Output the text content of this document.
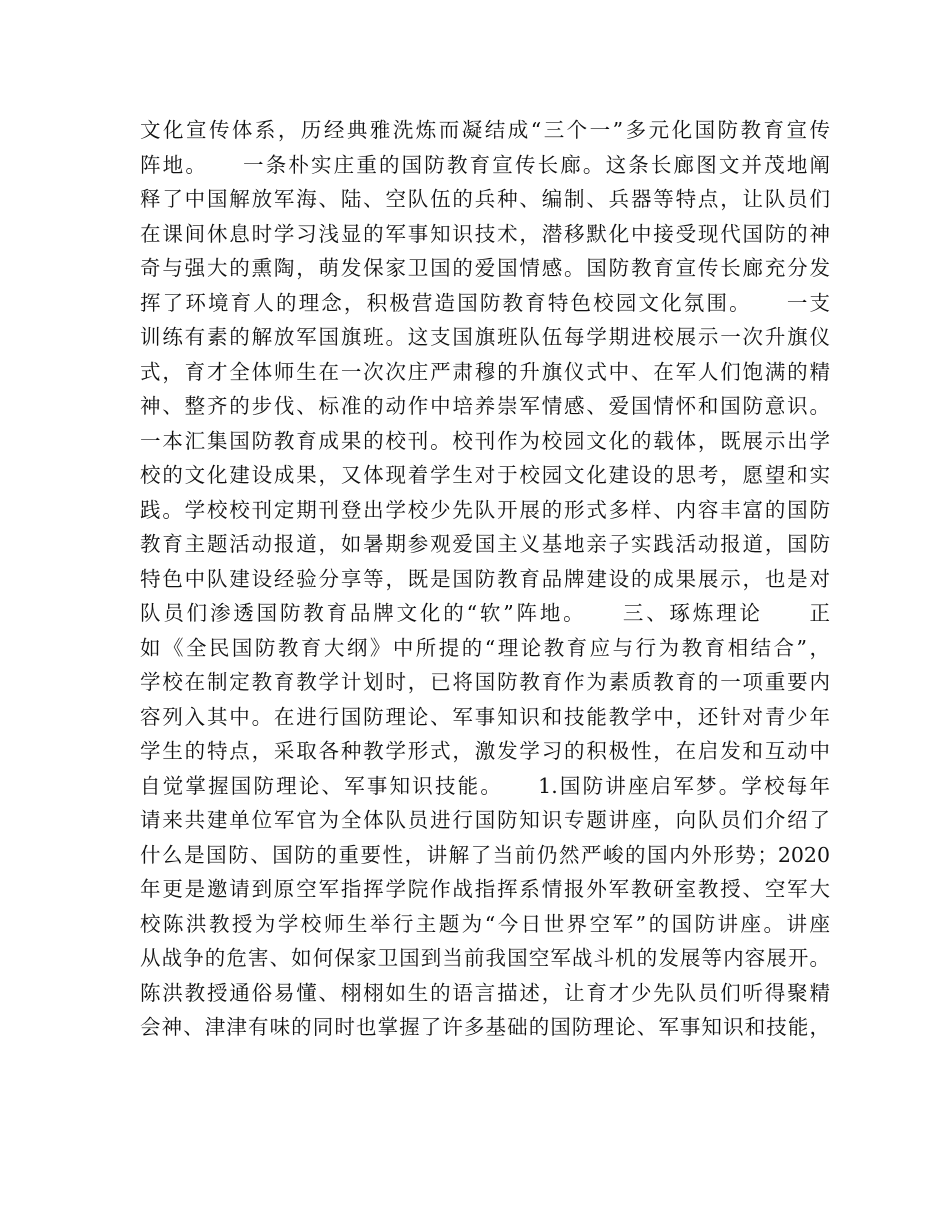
文化宣传体系，历经典雅洗炼而凝结成“三个一”多元化国防教育宣传
阵地。　　一条朴实庄重的国防教育宣传长廊。这条长廊图文并茂地阐
释了中国解放军海、陆、空队伍的兵种、编制、兵器等特点，让队员们
在课间休息时学习浅显的军事知识技术，潜移默化中接受现代国防的神
奇与强大的熏陶，萌发保家卫国的爱国情感。国防教育宣传长廊充分发
挥了环境育人的理念，积极营造国防教育特色校园文化氛围。　　一支
训练有素的解放军国旗班。这支国旗班队伍每学期进校展示一次升旗仪
式，育才全体师生在一次次庄严肃穆的升旗仪式中、在军人们饱满的精
神、整齐的步伐、标准的动作中培养崇军情感、爱国情怀和国防意识。
一本汇集国防教育成果的校刊。校刊作为校园文化的载体，既展示出学
校的文化建设成果，又体现着学生对于校园文化建设的思考，愿望和实
践。学校校刊定期刊登出学校少先队开展的形式多样、内容丰富的国防
教育主题活动报道，如暑期参观爱国主义基地亲子实践活动报道，国防
特色中队建设经验分享等，既是国防教育品牌建设的成果展示，也是对
队员们渗透国防教育品牌文化的“软”阵地。　　三、琢炼理论　　正
如《全民国防教育大纲》中所提的“理论教育应与行为教育相结合”，
学校在制定教育教学计划时，已将国防教育作为素质教育的一项重要内
容列入其中。在进行国防理论、军事知识和技能教学中，还针对青少年
学生的特点，采取各种教学形式，激发学习的积极性，在启发和互动中
自觉掌握国防理论、军事知识技能。　　1.国防讲座启军梦。学校每年
请来共建单位军官为全体队员进行国防知识专题讲座，向队员们介绍了
什么是国防、国防的重要性，讲解了当前仍然严峻的国内外形势；2020
年更是邀请到原空军指挥学院作战指挥系情报外军教研室教授、空军大
校陈洪教授为学校师生举行主题为“今日世界空军”的国防讲座。讲座
从战争的危害、如何保家卫国到当前我国空军战斗机的发展等内容展开。
陈洪教授通俗易懂、栩栩如生的语言描述，让育才少先队员们听得聚精
会神、津津有味的同时也掌握了许多基础的国防理论、军事知识和技能，
